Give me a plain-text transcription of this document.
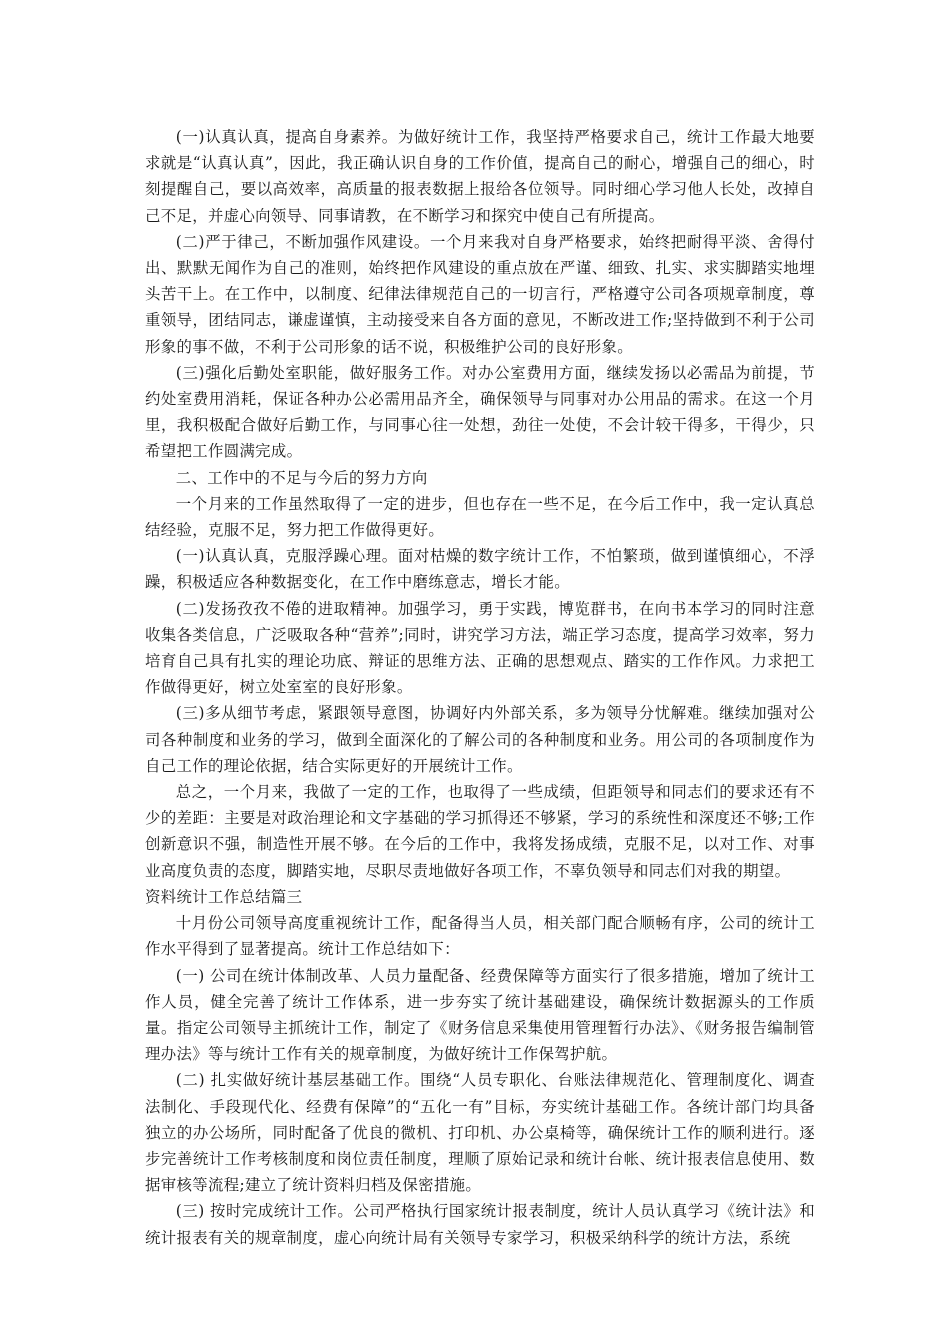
(一)认真认真，提高自身素养。为做好统计工作，我坚持严格要求自己，统计工作最大地要求就是“认真认真”，因此，我正确认识自身的工作价值，提高自己的耐心，增强自己的细心，时刻提醒自己，要以高效率，高质量的报表数据上报给各位领导。同时细心学习他人长处，改掉自己不足，并虚心向领导、同事请教，在不断学习和探究中使自己有所提高。

(二)严于律己，不断加强作风建设。一个月来我对自身严格要求，始终把耐得平淡、舍得付出、默默无闻作为自己的准则，始终把作风建设的重点放在严谨、细致、扎实、求实脚踏实地埋头苦干上。在工作中，以制度、纪律法律规范自己的一切言行，严格遵守公司各项规章制度，尊重领导，团结同志，谦虚谨慎，主动接受来自各方面的意见，不断改进工作;坚持做到不利于公司形象的事不做，不利于公司形象的话不说，积极维护公司的良好形象。

(三)强化后勤处室职能，做好服务工作。对办公室费用方面，继续发扬以必需品为前提，节约处室费用消耗，保证各种办公必需用品齐全，确保领导与同事对办公用品的需求。在这一个月里，我积极配合做好后勤工作，与同事心往一处想，劲往一处使，不会计较干得多，干得少，只希望把工作圆满完成。

二、工作中的不足与今后的努力方向

一个月来的工作虽然取得了一定的进步，但也存在一些不足，在今后工作中，我一定认真总结经验，克服不足，努力把工作做得更好。

(一)认真认真，克服浮躁心理。面对枯燥的数字统计工作，不怕繁琐，做到谨慎细心，不浮躁，积极适应各种数据变化，在工作中磨练意志，增长才能。

(二)发扬孜孜不倦的进取精神。加强学习，勇于实践，博览群书，在向书本学习的同时注意收集各类信息，广泛吸取各种“营养”;同时，讲究学习方法，端正学习态度，提高学习效率，努力培育自己具有扎实的理论功底、辩证的思维方法、正确的思想观点、踏实的工作作风。力求把工作做得更好，树立处室室的良好形象。

(三)多从细节考虑，紧跟领导意图，协调好内外部关系，多为领导分忧解难。继续加强对公司各种制度和业务的学习，做到全面深化的了解公司的各种制度和业务。用公司的各项制度作为自己工作的理论依据，结合实际更好的开展统计工作。

总之，一个月来，我做了一定的工作，也取得了一些成绩，但距领导和同志们的要求还有不少的差距：主要是对政治理论和文字基础的学习抓得还不够紧，学习的系统性和深度还不够;工作创新意识不强，制造性开展不够。在今后的工作中，我将发扬成绩，克服不足，以对工作、对事业高度负责的态度，脚踏实地，尽职尽责地做好各项工作，不辜负领导和同志们对我的期望。

资料统计工作总结篇三

十月份公司领导高度重视统计工作，配备得当人员，相关部门配合顺畅有序，公司的统计工作水平得到了显著提高。统计工作总结如下：

(一) 公司在统计体制改革、人员力量配备、经费保障等方面实行了很多措施，增加了统计工作人员，健全完善了统计工作体系，进一步夯实了统计基础建设，确保统计数据源头的工作质量。指定公司领导主抓统计工作，制定了《财务信息采集使用管理暂行办法》、《财务报告编制管理办法》等与统计工作有关的规章制度，为做好统计工作保驾护航。

(二) 扎实做好统计基层基础工作。围绕“人员专职化、台账法律规范化、管理制度化、调查法制化、手段现代化、经费有保障”的“五化一有”目标，夯实统计基础工作。各统计部门均具备独立的办公场所，同时配备了优良的微机、打印机、办公桌椅等，确保统计工作的顺利进行。逐步完善统计工作考核制度和岗位责任制度，理顺了原始记录和统计台帐、统计报表信息使用、数据审核等流程;建立了统计资料归档及保密措施。

(三) 按时完成统计工作。公司严格执行国家统计报表制度，统计人员认真学习《统计法》和统计报表有关的规章制度，虚心向统计局有关领导专家学习，积极采纳科学的统计方法，系统
